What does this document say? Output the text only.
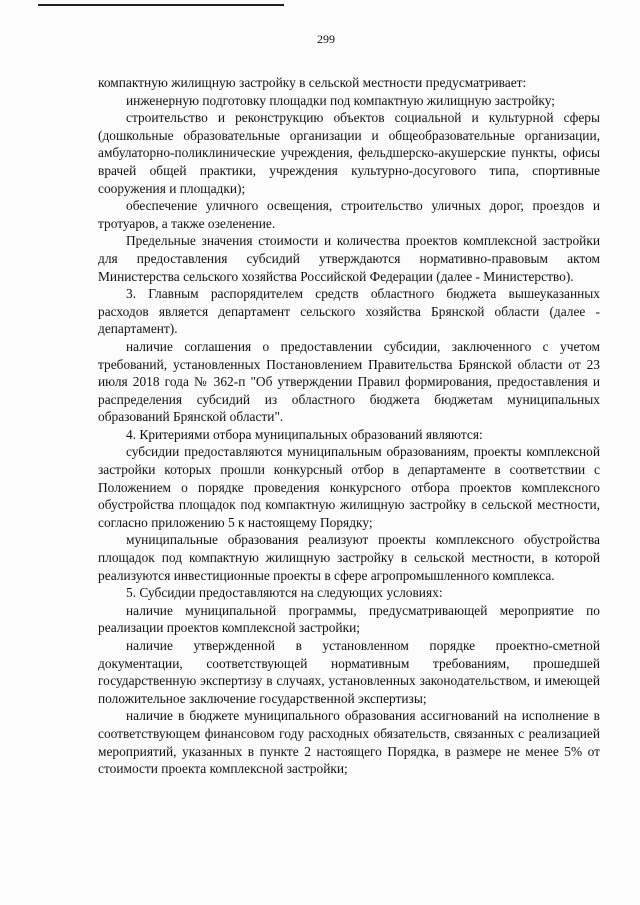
299

компактную жилищную застройку в сельской местности предусматривает:

инженерную подготовку площадки под компактную жилищную застройку;

строительство и реконструкцию объектов социальной и культурной сферы (дошкольные образовательные организации и общеобразовательные организации, амбулаторно-поликлинические учреждения, фельдшерско-акушерские пункты, офисы врачей общей практики, учреждения культурно-досугового типа, спортивные сооружения и площадки);

обеспечение уличного освещения, строительство уличных дорог, проездов и тротуаров, а также озеленение.

Предельные значения стоимости и количества проектов комплексной застройки для предоставления субсидий утверждаются нормативно-правовым актом Министерства сельского хозяйства Российской Федерации (далее - Министерство).

3. Главным распорядителем средств областного бюджета вышеуказанных расходов является департамент сельского хозяйства Брянской области (далее - департамент).

наличие соглашения о предоставлении субсидии, заключенного с учетом требований, установленных Постановлением Правительства Брянской области от 23 июля 2018 года № 362-п "Об утверждении Правил формирования, предоставления и распределения субсидий из областного бюджета бюджетам муниципальных образований Брянской области".

4. Критериями отбора муниципальных образований являются:

субсидии предоставляются муниципальным образованиям, проекты комплексной застройки которых прошли конкурсный отбор в департаменте в соответствии с Положением о порядке проведения конкурсного отбора проектов комплексного обустройства площадок под компактную жилищную застройку в сельской местности, согласно приложению 5 к настоящему Порядку;

муниципальные образования реализуют проекты комплексного обустройства площадок под компактную жилищную застройку в сельской местности, в которой реализуются инвестиционные проекты в сфере агропромышленного комплекса.

5. Субсидии предоставляются на следующих условиях:

наличие муниципальной программы, предусматривающей мероприятие по реализации проектов комплексной застройки;

наличие утвержденной в установленном порядке проектно-сметной документации, соответствующей нормативным требованиям, прошедшей государственную экспертизу в случаях, установленных законодательством, и имеющей положительное заключение государственной экспертизы;

наличие в бюджете муниципального образования ассигнований на исполнение в соответствующем финансовом году расходных обязательств, связанных с реализацией мероприятий, указанных в пункте 2 настоящего Порядка, в размере не менее 5% от стоимости проекта комплексной застройки;
